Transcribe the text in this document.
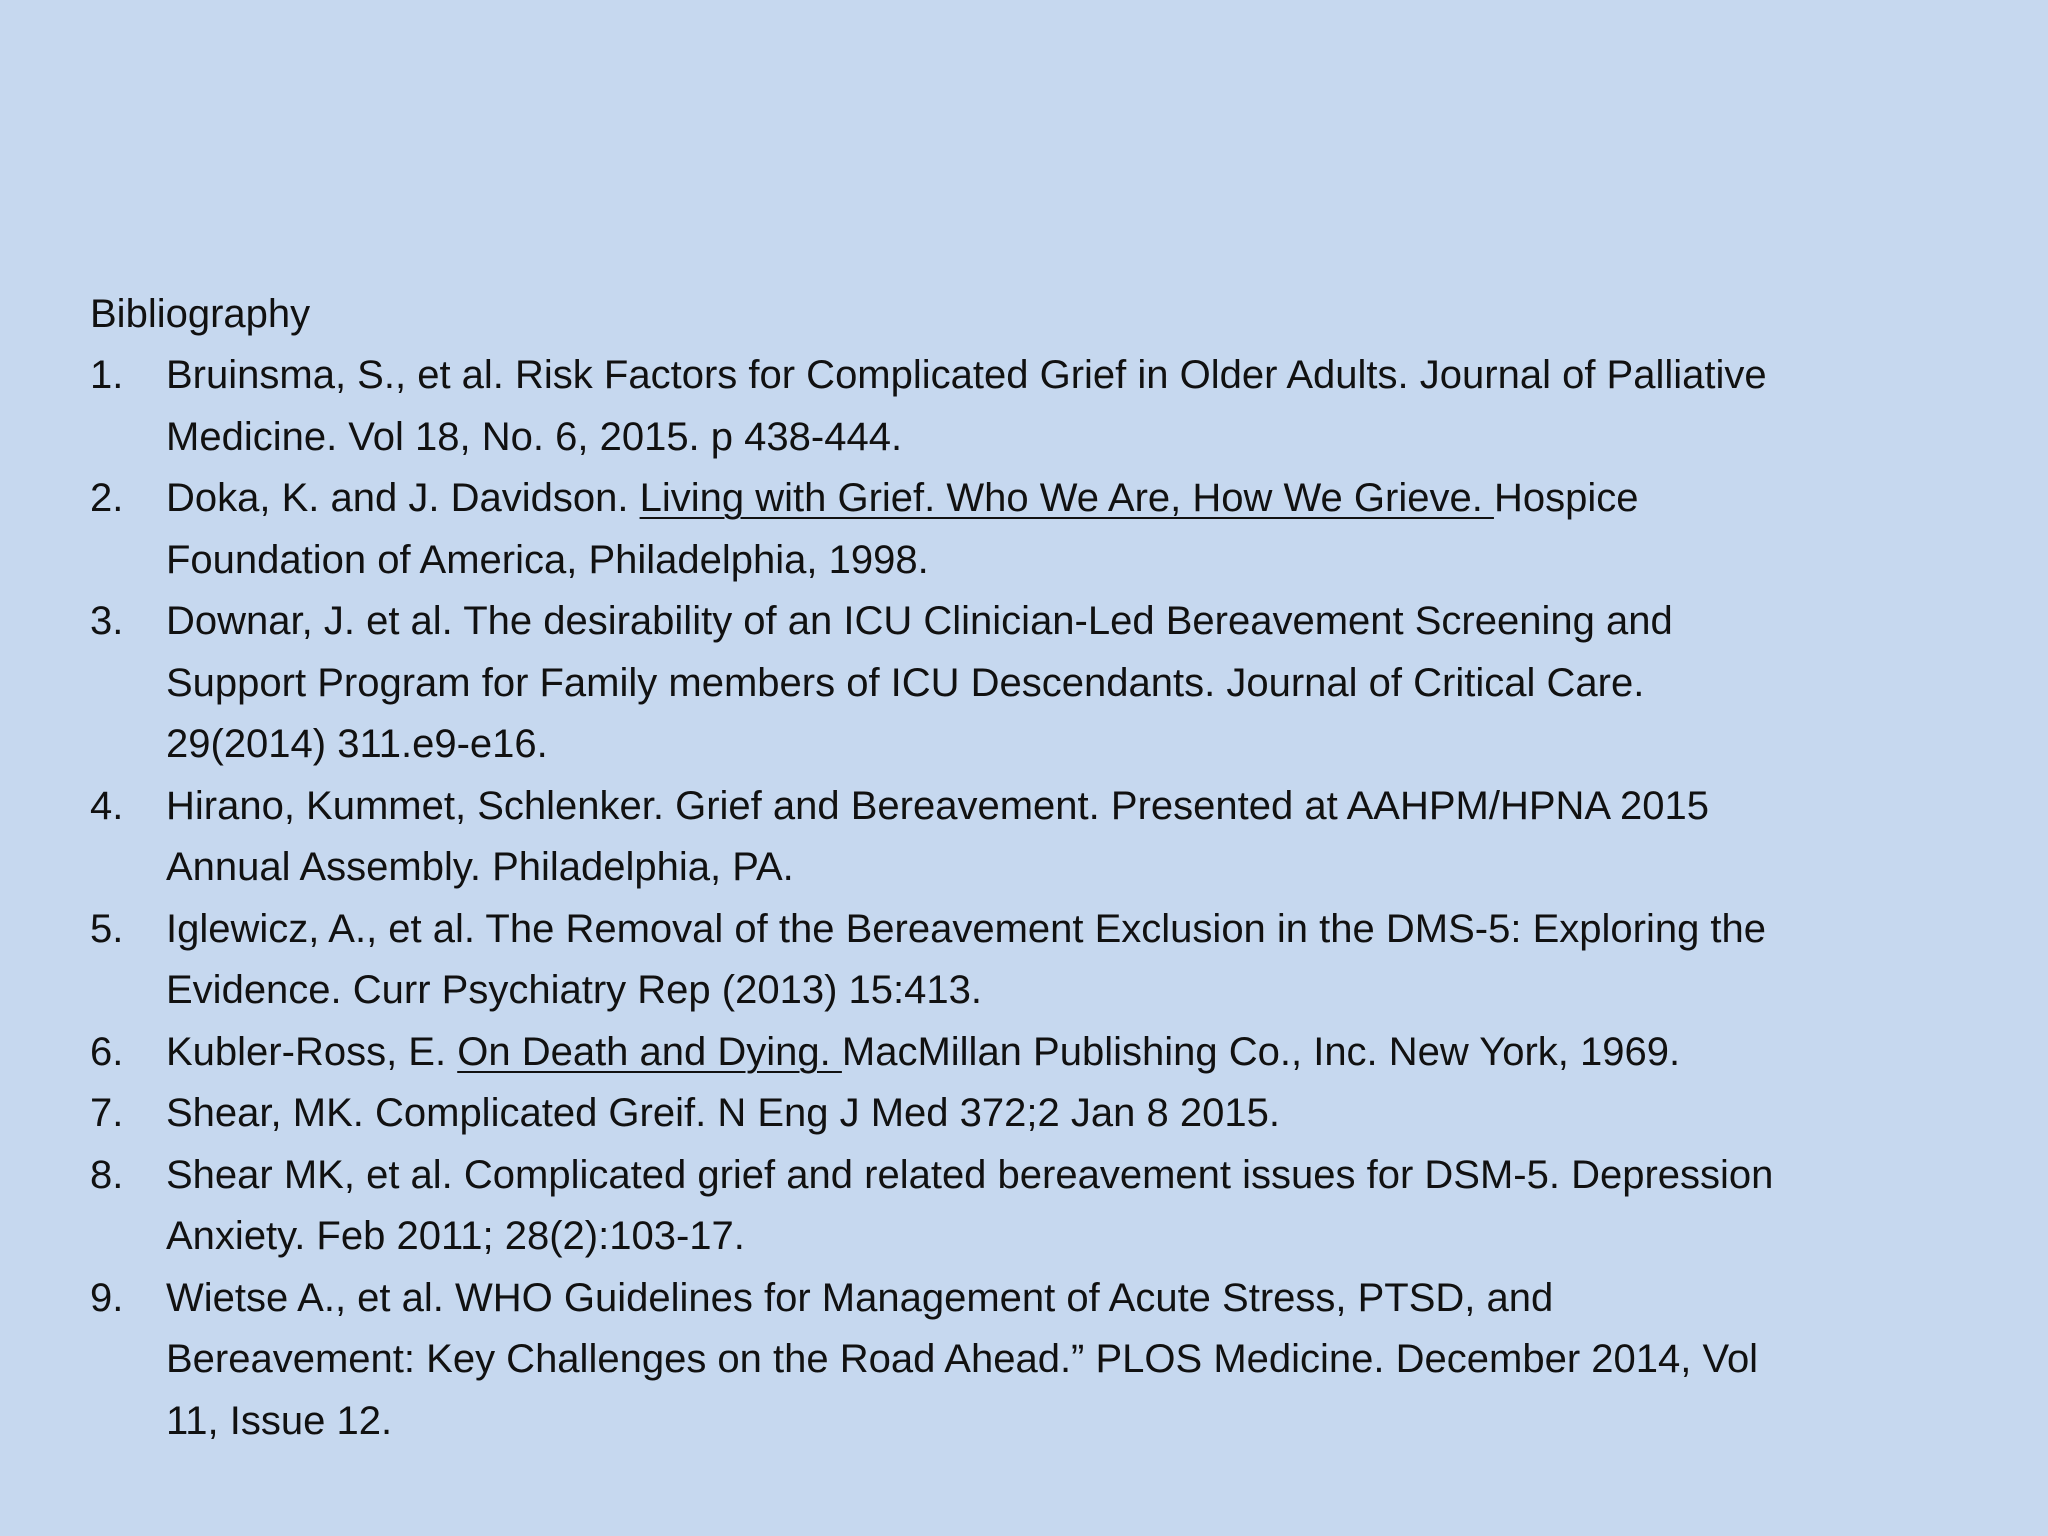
Bibliography
1.	Bruinsma, S., et al. Risk Factors for Complicated Grief in Older Adults. Journal of Palliative
Medicine. Vol 18, No. 6, 2015. p 438-444.
2.	Doka, K. and J. Davidson. Living with Grief. Who We Are, How We Grieve. Hospice
Foundation of America, Philadelphia, 1998.
3.	Downar, J. et al. The desirability of an ICU Clinician-Led Bereavement Screening and
Support Program for Family members of ICU Descendants. Journal of Critical Care.
29(2014) 311.e9-e16.
4.	Hirano, Kummet, Schlenker. Grief and Bereavement. Presented at AAHPM/HPNA 2015
Annual Assembly. Philadelphia, PA.
5.	Iglewicz, A., et al. The Removal of the Bereavement Exclusion in the DMS-5: Exploring the
Evidence. Curr Psychiatry Rep (2013) 15:413.
6.	Kubler-Ross, E. On Death and Dying. MacMillan Publishing Co., Inc. New York, 1969.
7.	Shear, MK. Complicated Greif. N Eng J Med 372;2 Jan 8 2015.
8.	Shear MK, et al. Complicated grief and related bereavement issues for DSM-5. Depression
Anxiety. Feb 2011; 28(2):103-17.
9.	Wietse A., et al. WHO Guidelines for Management of Acute Stress, PTSD, and
Bereavement: Key Challenges on the Road Ahead.” PLOS Medicine. December 2014, Vol
11, Issue 12.
